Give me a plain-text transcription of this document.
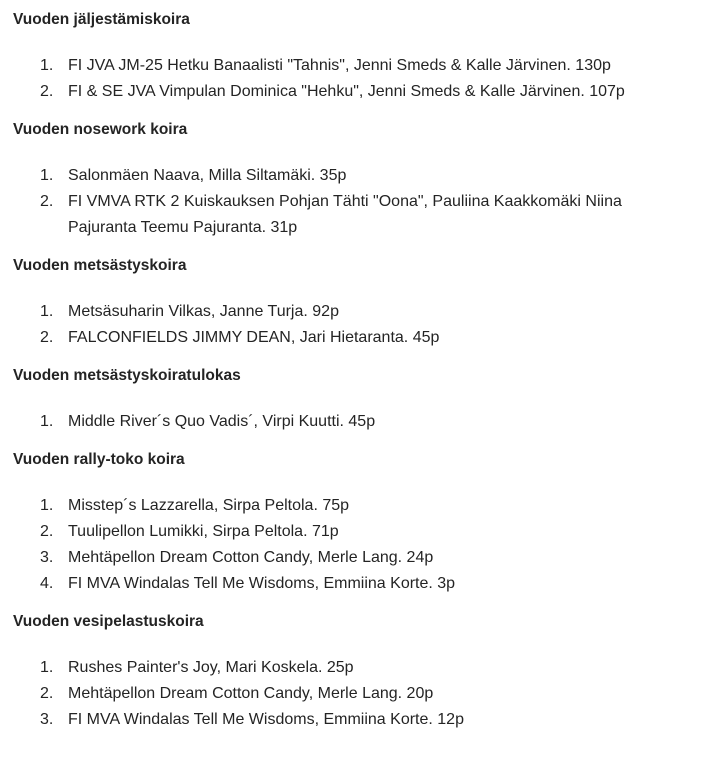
Vuoden jäljestämiskoira
1. FI JVA JM-25 Hetku Banaalisti "Tahnis", Jenni Smeds & Kalle Järvinen. 130p
2. FI & SE JVA Vimpulan Dominica "Hehku", Jenni Smeds & Kalle Järvinen. 107p
Vuoden nosework koira
1. Salonmäen Naava, Milla Siltamäki. 35p
2. FI VMVA RTK 2 Kuiskauksen Pohjan Tähti "Oona", Pauliina Kaakkomäki Niina Pajuranta Teemu Pajuranta. 31p
Vuoden metsästyskoira
1. Metsäsuharin Vilkas, Janne Turja. 92p
2. FALCONFIELDS JIMMY DEAN, Jari Hietaranta. 45p
Vuoden metsästyskoiratulokas
1. Middle River´s Quo Vadis´, Virpi Kuutti. 45p
Vuoden rally-toko koira
1. Misstep´s Lazzarella, Sirpa Peltola. 75p
2. Tuulipellon Lumikki, Sirpa Peltola. 71p
3. Mehtäpellon Dream Cotton Candy, Merle Lang. 24p
4. FI MVA Windalas Tell Me Wisdoms, Emmiina Korte. 3p
Vuoden vesipelastuskoira
1. Rushes Painter's Joy, Mari Koskela. 25p
2. Mehtäpellon Dream Cotton Candy, Merle Lang. 20p
3. FI MVA Windalas Tell Me Wisdoms, Emmiina Korte. 12p
